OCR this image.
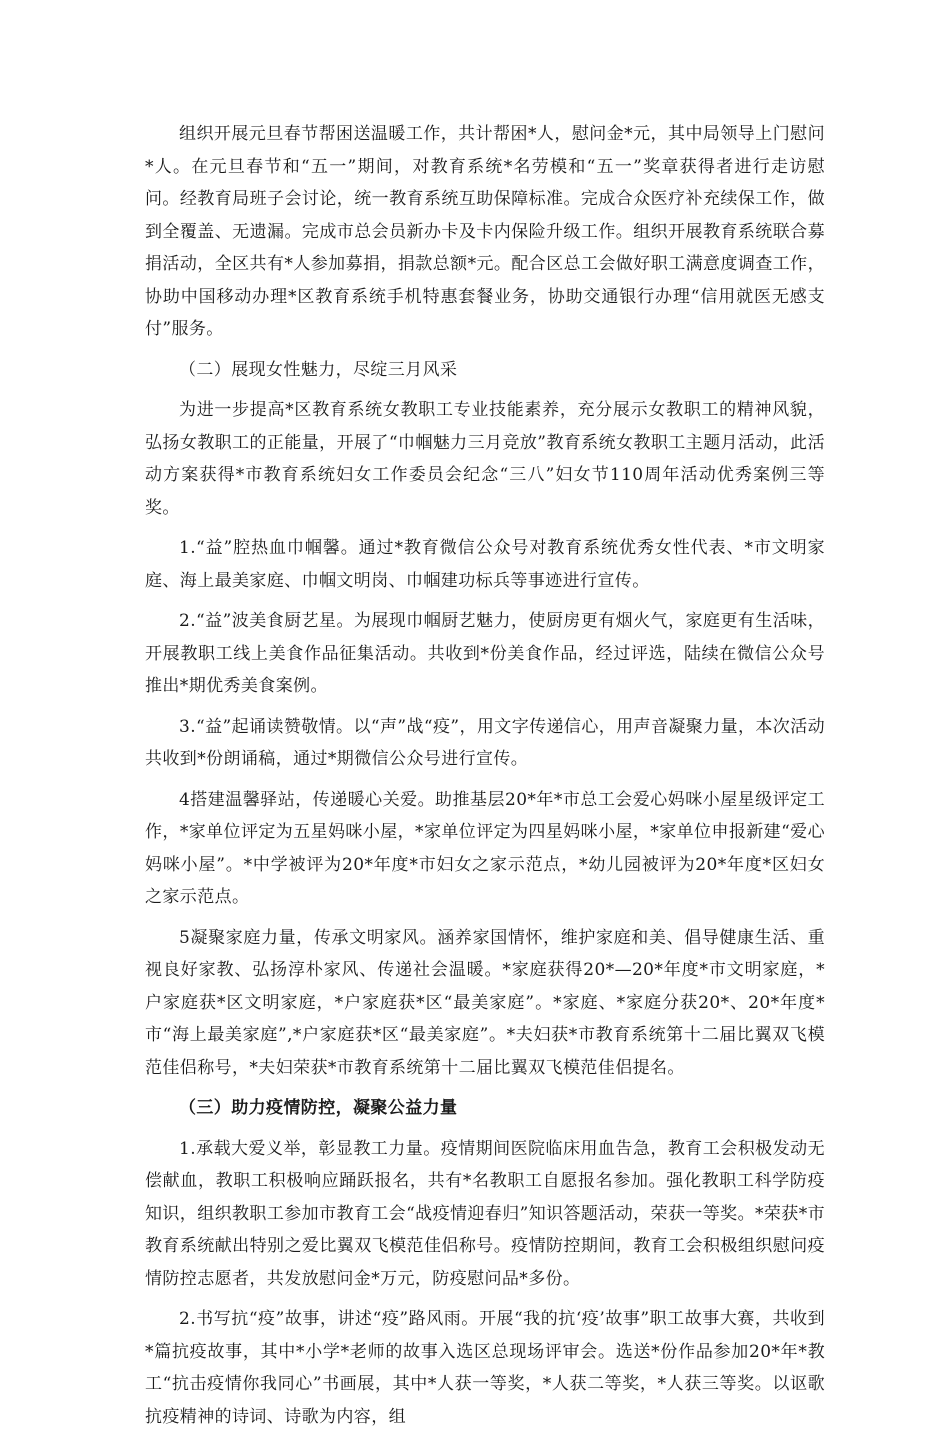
组织开展元旦春节帮困送温暖工作，共计帮困*人，慰问金*元，其中局领导上门慰问*人。在元旦春节和“五一”期间，对教育系统*名劳模和“五一”奖章获得者进行走访慰问。经教育局班子会讨论，统一教育系统互助保障标准。完成合众医疗补充续保工作，做到全覆盖、无遗漏。完成市总会员新办卡及卡内保险升级工作。组织开展教育系统联合募捐活动，全区共有*人参加募捐，捐款总额*元。配合区总工会做好职工满意度调查工作，协助中国移动办理*区教育系统手机特惠套餐业务，协助交通银行办理“信用就医无感支付”服务。

（二）展现女性魅力，尽绽三月风采

为进一步提高*区教育系统女教职工专业技能素养，充分展示女教职工的精神风貌，弘扬女教职工的正能量，开展了“巾帼魅力三月竞放”教育系统女教职工主题月活动，此活动方案获得*市教育系统妇女工作委员会纪念“三八”妇女节110周年活动优秀案例三等奖。

1.“益”腔热血巾帼馨。通过*教育微信公众号对教育系统优秀女性代表、*市文明家庭、海上最美家庭、巾帼文明岗、巾帼建功标兵等事迹进行宣传。

2.“益”波美食厨艺星。为展现巾帼厨艺魅力，使厨房更有烟火气，家庭更有生活味，开展教职工线上美食作品征集活动。共收到*份美食作品，经过评选，陆续在微信公众号推出*期优秀美食案例。

3.“益”起诵读赞敬情。以“声”战“疫”，用文字传递信心，用声音凝聚力量，本次活动共收到*份朗诵稿，通过*期微信公众号进行宣传。

4搭建温馨驿站，传递暖心关爱。助推基层20*年*市总工会爱心妈咪小屋星级评定工作，*家单位评定为五星妈咪小屋，*家单位评定为四星妈咪小屋，*家单位申报新建“爱心妈咪小屋”。*中学被评为20*年度*市妇女之家示范点，*幼儿园被评为20*年度*区妇女之家示范点。

5凝聚家庭力量，传承文明家风。涵养家国情怀，维护家庭和美、倡导健康生活、重视良好家教、弘扬淳朴家风、传递社会温暖。*家庭获得20*—20*年度*市文明家庭，*户家庭获*区文明家庭，*户家庭获*区“最美家庭”。*家庭、*家庭分获20*、20*年度*市“海上最美家庭”,*户家庭获*区“最美家庭”。*夫妇获*市教育系统第十二届比翼双飞模范佳侣称号，*夫妇荣获*市教育系统第十二届比翼双飞模范佳侣提名。

（三）助力疫情防控，凝聚公益力量

1.承载大爱义举，彰显教工力量。疫情期间医院临床用血告急，教育工会积极发动无偿献血，教职工积极响应踊跃报名，共有*名教职工自愿报名参加。强化教职工科学防疫知识，组织教职工参加市教育工会“战疫情迎春归”知识答题活动，荣获一等奖。*荣获*市教育系统献出特别之爱比翼双飞模范佳侣称号。疫情防控期间，教育工会积极组织慰问疫情防控志愿者，共发放慰问金*万元，防疫慰问品*多份。

2.书写抗“疫”故事，讲述“疫”路风雨。开展“我的抗‘疫’故事”职工故事大赛，共收到*篇抗疫故事，其中*小学*老师的故事入选区总现场评审会。选送*份作品参加20*年*教工“抗击疫情你我同心”书画展，其中*人获一等奖，*人获二等奖，*人获三等奖。以讴歌抗疫精神的诗词、诗歌为内容，组
